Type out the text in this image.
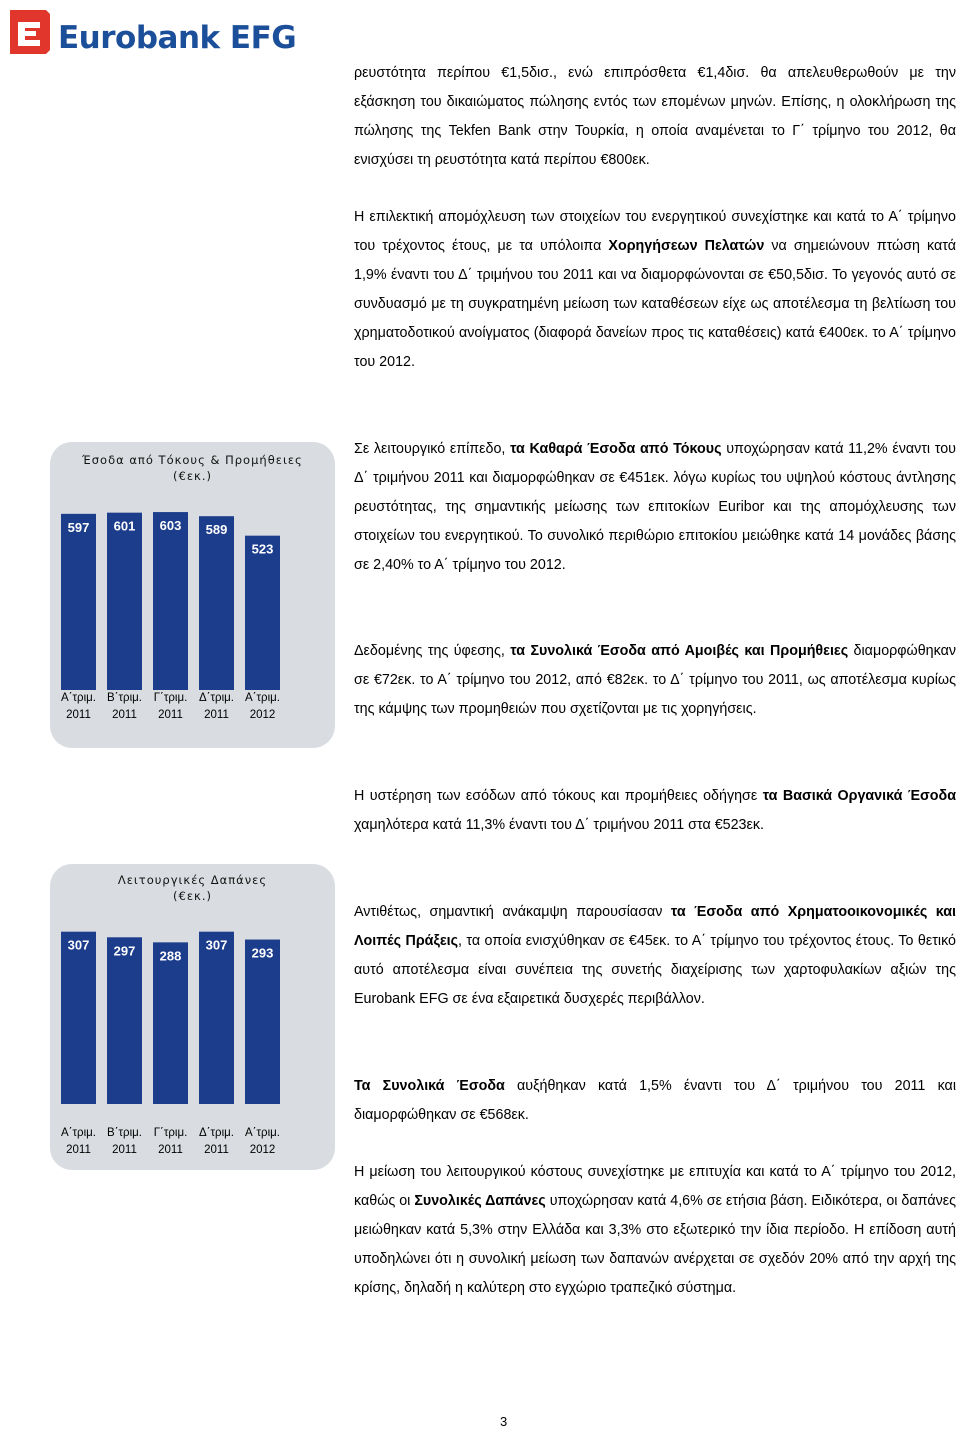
Eurobank EFG

ρευστότητα περίπου €1,5δισ., ενώ επιπρόσθετα €1,4δισ. θα απελευθερωθούν με την εξάσκηση του δικαιώματος πώλησης εντός των επομένων μηνών. Επίσης, η ολοκλήρωση της πώλησης της Tekfen Bank στην Τουρκία, η οποία αναμένεται το Γ΄ τρίμηνο του 2012, θα ενισχύσει τη ρευστότητα κατά περίπου €800εκ.

Η επιλεκτική απομόχλευση των στοιχείων του ενεργητικού συνεχίστηκε και κατά το Α΄ τρίμηνο του τρέχοντος έτους, με τα υπόλοιπα Χορηγήσεων Πελατών να σημειώνουν πτώση κατά 1,9% έναντι του Δ΄ τριμήνου του 2011 και να διαμορφώνονται σε €50,5δισ. Το γεγονός αυτό σε συνδυασμό με τη συγκρατημένη μείωση των καταθέσεων είχε ως αποτέλεσμα τη βελτίωση του χρηματοδοτικού ανοίγματος (διαφορά δανείων προς τις καταθέσεις) κατά €400εκ. το Α΄ τρίμηνο του 2012.

Σε λειτουργικό επίπεδο, τα Καθαρά Έσοδα από Τόκους υποχώρησαν κατά 11,2% έναντι του Δ΄ τριμήνου 2011 και διαμορφώθηκαν σε €451εκ. λόγω κυρίως του υψηλού κόστους άντλησης ρευστότητας, της σημαντικής μείωσης των επιτοκίων Euribor και της απομόχλευσης των στοιχείων του ενεργητικού. Το συνολικό περιθώριο επιτοκίου μειώθηκε κατά 14 μονάδες βάσης σε 2,40% το Α΄ τρίμηνο του 2012.

Δεδομένης της ύφεσης, τα Συνολικά Έσοδα από Αμοιβές και Προμήθειες διαμορφώθηκαν σε €72εκ. το Α΄ τρίμηνο του 2012, από €82εκ. το Δ΄ τρίμηνο του 2011, ως αποτέλεσμα κυρίως της κάμψης των προμηθειών που σχετίζονται με τις χορηγήσεις.

Η υστέρηση των εσόδων από τόκους και προμήθειες οδήγησε τα Βασικά Οργανικά Έσοδα χαμηλότερα κατά 11,3% έναντι του Δ΄ τριμήνου 2011 στα €523εκ.

Αντιθέτως, σημαντική ανάκαμψη παρουσίασαν τα Έσοδα από Χρηματοοικονομικές και Λοιπές Πράξεις, τα οποία ενισχύθηκαν σε €45εκ. το Α΄ τρίμηνο του τρέχοντος έτους. Το θετικό αυτό αποτέλεσμα είναι συνέπεια της συνετής διαχείρισης των χαρτοφυλακίων αξιών της Eurobank EFG σε ένα εξαιρετικά δυσχερές περιβάλλον.

Τα Συνολικά Έσοδα αυξήθηκαν κατά 1,5% έναντι του Δ΄ τριμήνου του 2011 και διαμορφώθηκαν σε €568εκ.

Η μείωση του λειτουργικού κόστους συνεχίστηκε με επιτυχία και κατά το Α΄ τρίμηνο του 2012, καθώς οι Συνολικές Δαπάνες υποχώρησαν κατά 4,6% σε ετήσια βάση. Ειδικότερα, οι δαπάνες μειώθηκαν κατά 5,3% στην Ελλάδα και 3,3% στο εξωτερικό την ίδια περίοδο. Η επίδοση αυτή υποδηλώνει ότι η συνολική μείωση των δαπανών ανέρχεται σε σχεδόν 20% από την αρχή της κρίσης, δηλαδή η καλύτερη στο εγχώριο τραπεζικό σύστημα.

Έσοδα από Τόκους & Προμήθειες
(€εκ.)
597
Α΄τριμ.
2011
601
Β΄τριμ.
2011
603
Γ΄τριμ.
2011
589
Δ΄τριμ.
2011
523
Α΄τριμ.
2012
Λειτουργικές Δαπάνες
(€εκ.)
307
Α΄τριμ.
2011
297
Β΄τριμ.
2011
288
Γ΄τριμ.
2011
307
Δ΄τριμ.
2011
293
Α΄τριμ.
2012
3
